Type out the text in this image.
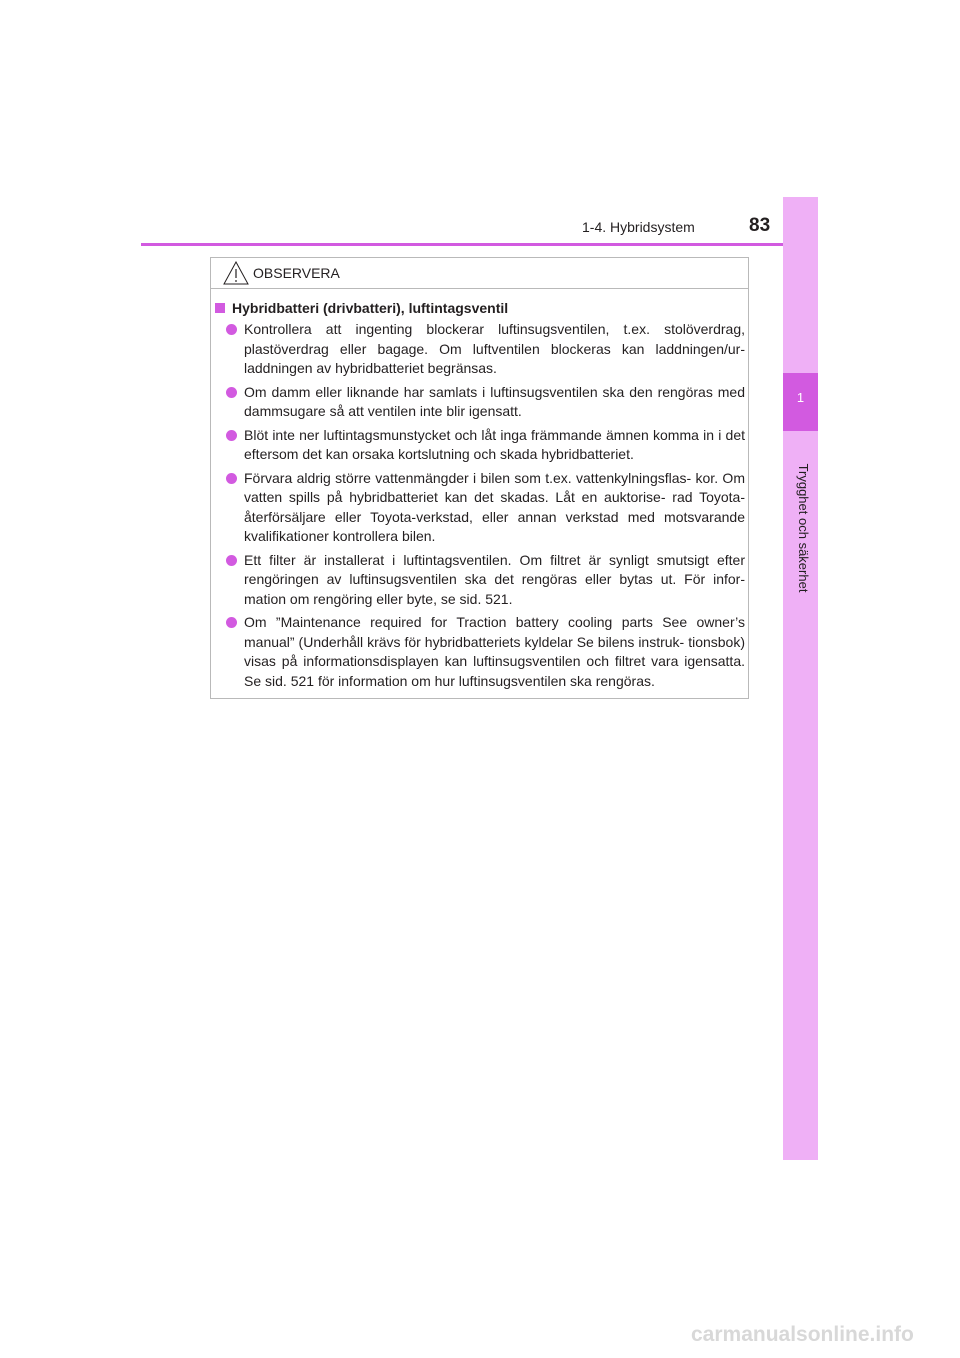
1-4. Hybridsystem	83
1
Trygghet och säkerhet
OBSERVERA
Hybridbatteri (drivbatteri), luftintagsventil
Kontrollera att ingenting blockerar luftinsugsventilen, t.ex. stolöverdrag, plastöverdrag eller bagage. Om luftventilen blockeras kan laddningen/ur- laddningen av hybridbatteriet begränsas.
Om damm eller liknande har samlats i luftinsugsventilen ska den rengöras med dammsugare så att ventilen inte blir igensatt.
Blöt inte ner luftintagsmunstycket och låt inga främmande ämnen komma in i det eftersom det kan orsaka kortslutning och skada hybridbatteriet.
Förvara aldrig större vattenmängder i bilen som t.ex. vattenkylningsflas- kor. Om vatten spills på hybridbatteriet kan det skadas. Låt en auktorise- rad Toyota-återförsäljare eller Toyota-verkstad, eller annan verkstad med motsvarande kvalifikationer kontrollera bilen.
Ett filter är installerat i luftintagsventilen. Om filtret är synligt smutsigt efter rengöringen av luftinsugsventilen ska det rengöras eller bytas ut. För infor- mation om rengöring eller byte, se sid. 521.
Om ”Maintenance required for Traction battery cooling parts See owner’s manual” (Underhåll krävs för hybridbatteriets kyldelar Se bilens instruk- tionsbok) visas på informationsdisplayen kan luftinsugsventilen och filtret vara igensatta. Se sid. 521 för information om hur luftinsugsventilen ska rengöras.
carmanualsonline.info
